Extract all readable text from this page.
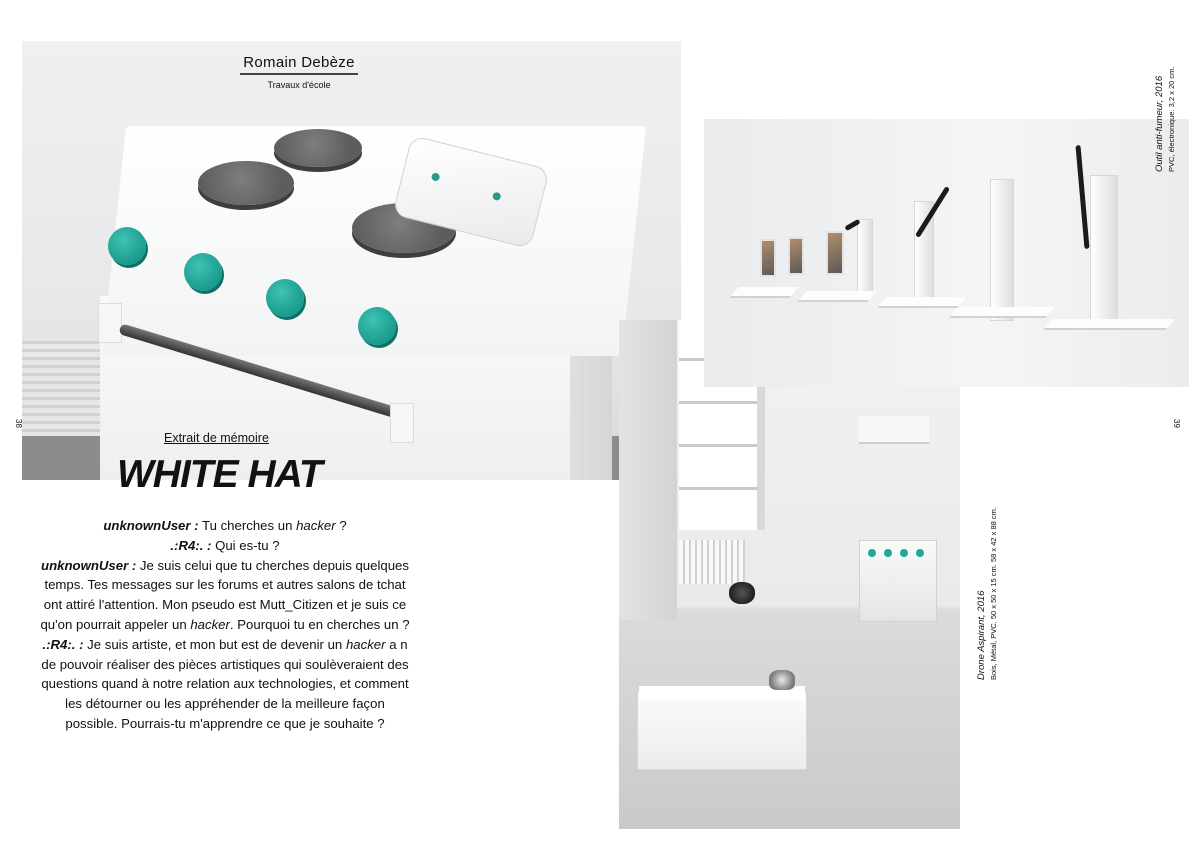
Romain Debèze
Travaux d'école
Extrait de mémoire
WHITE HAT
38	39
Outil anti-fumeur, 2016 PVC, électronique. 3,2 x 20 cm.
Drone Aspirant, 2016 Bois, Métal, PVC. 50 x 50 x 15 cm. 58 x 42 x 88 cm.
unknownUser : Tu cherches un hacker ?
.:R4:. : Qui es-tu ?
unknownUser : Je suis celui que tu cherches depuis quelques temps. Tes messages sur les forums et autres salons de tchat ont attiré l'attention. Mon pseudo est Mutt_Citizen et je suis ce qu'on pourrait appeler un hacker. Pourquoi tu en cherches un ?
.:R4:. : Je suis artiste, et mon but est de devenir un hacker a n de pouvoir réaliser des pièces artistiques qui soulèveraient des questions quand à notre relation aux technologies, et comment les détourner ou les appréhender de la meilleure façon possible. Pourrais-tu m'apprendre ce que je souhaite ?
